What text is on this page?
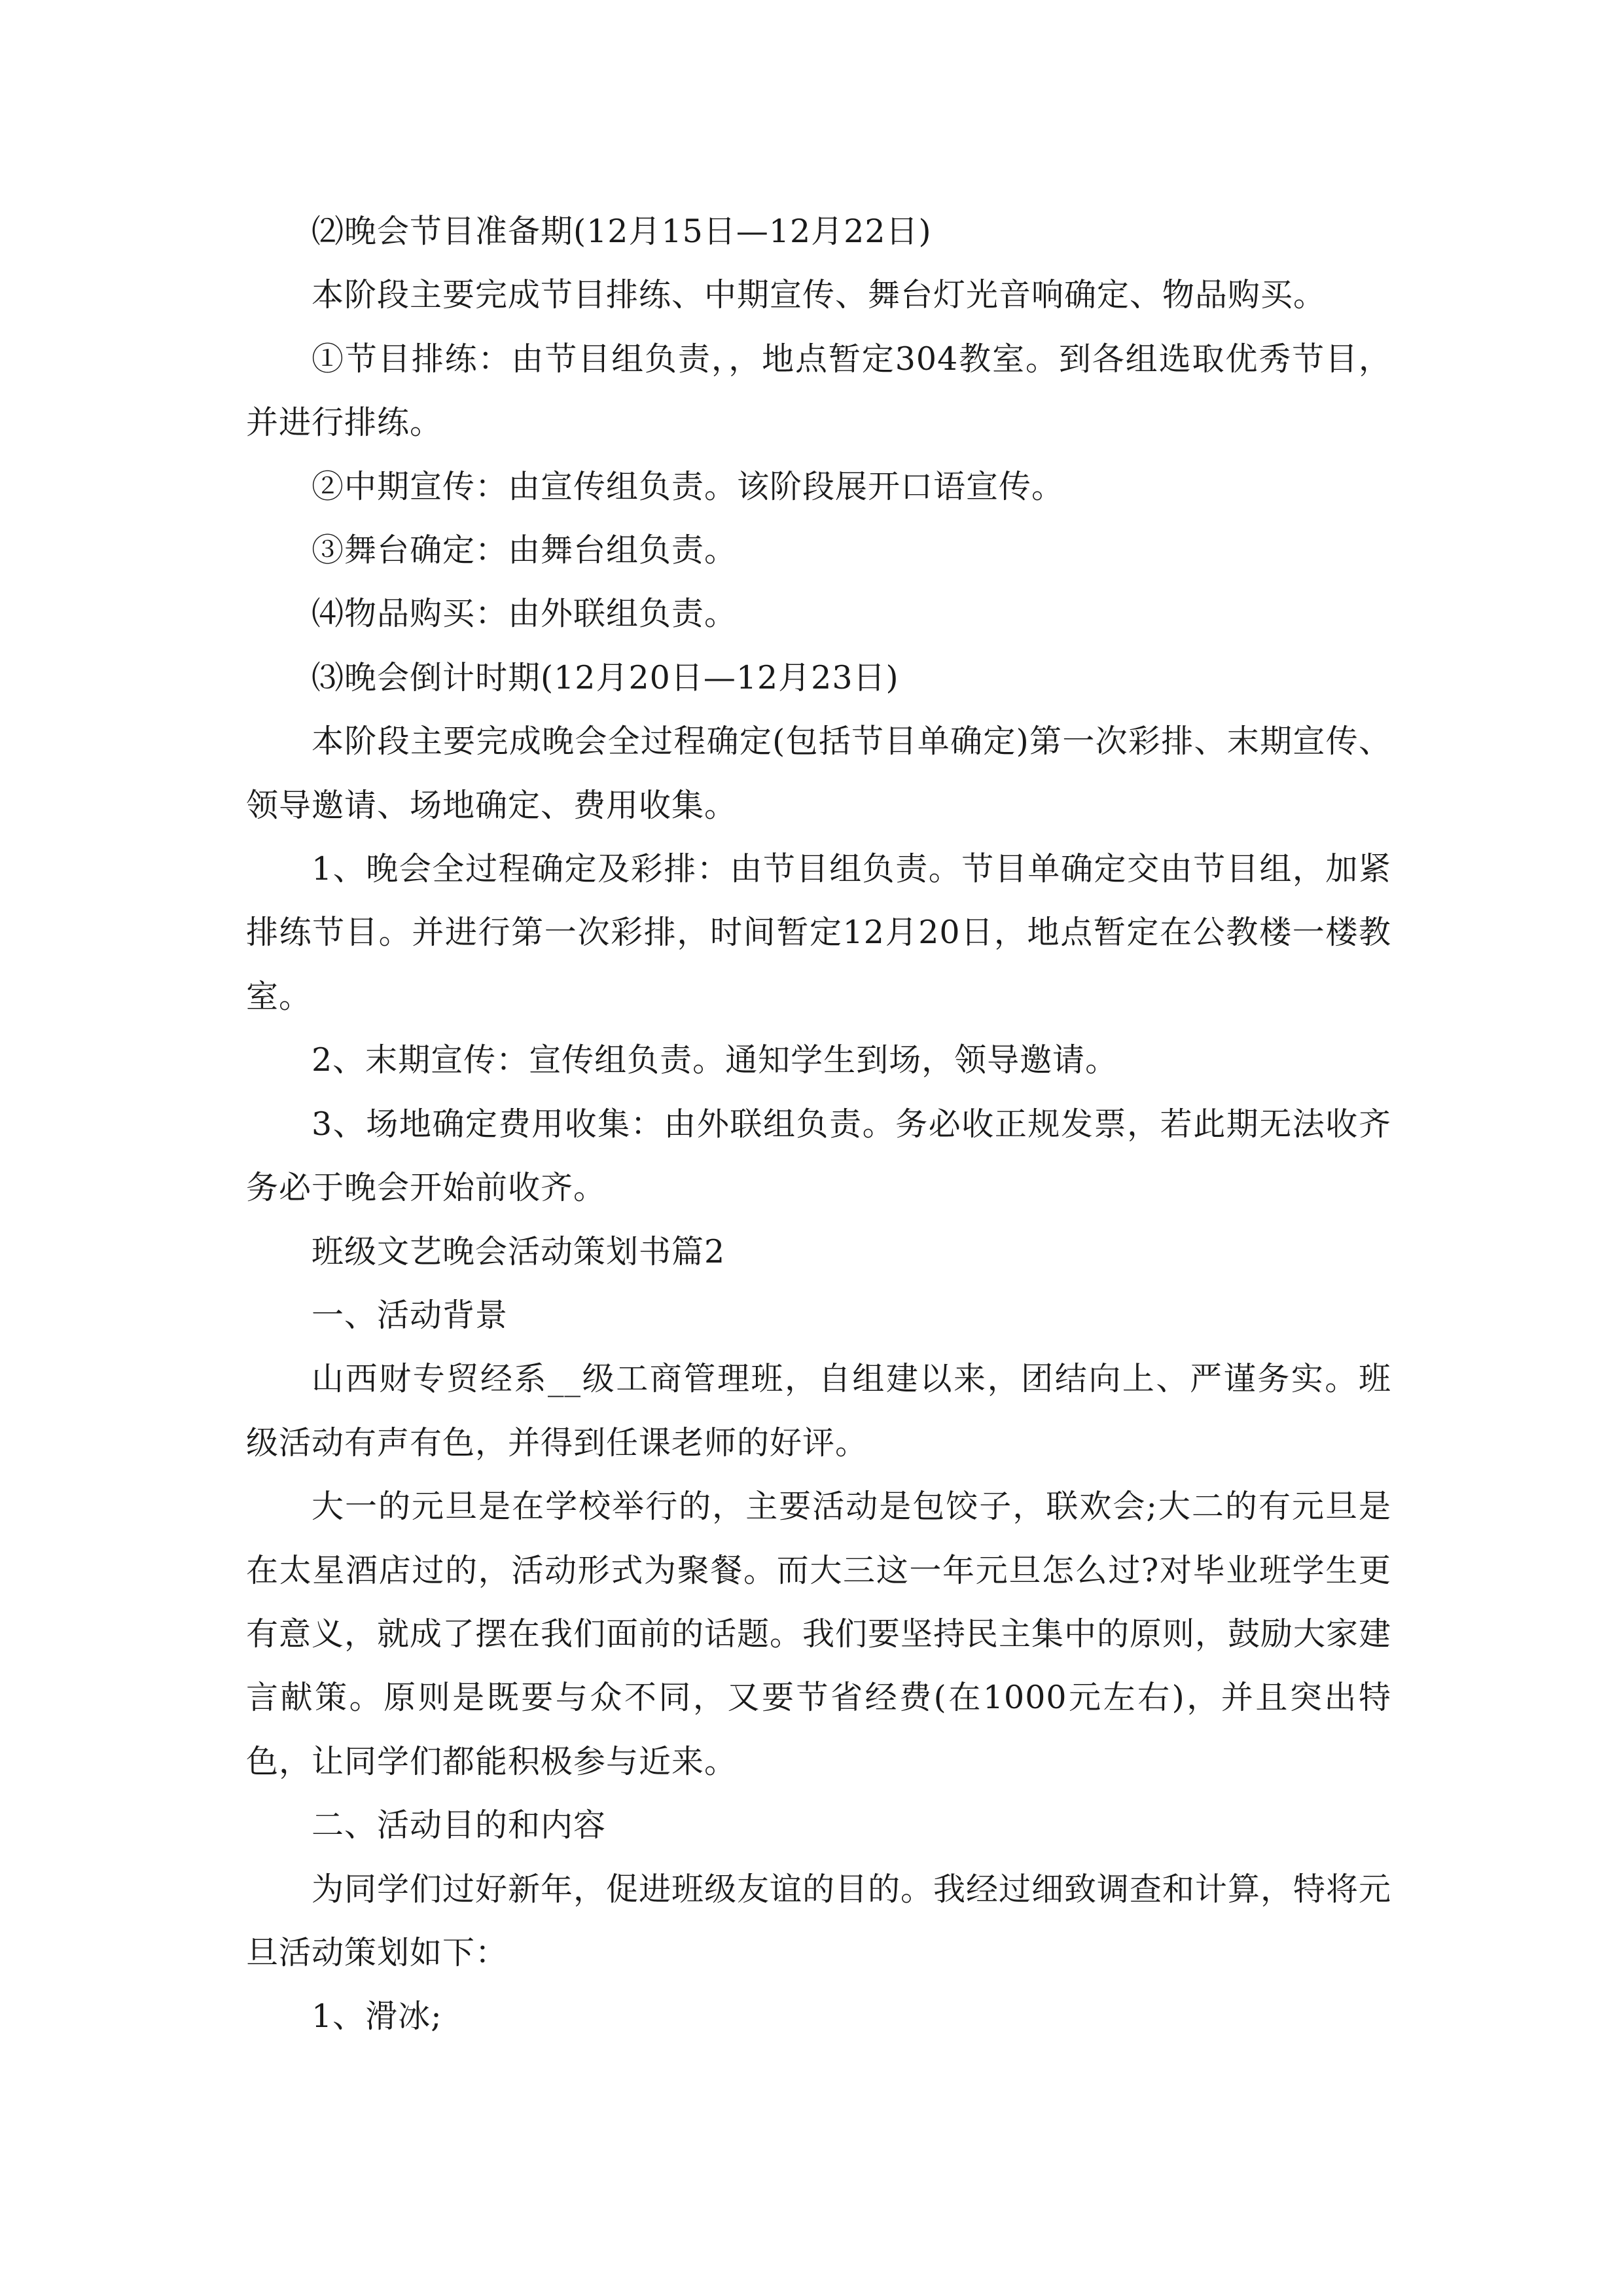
⑵晚会节目准备期(12月15日—12月22日)

本阶段主要完成节目排练、中期宣传、舞台灯光音响确定、物品购买。

①节目排练：由节目组负责，，地点暂定304教室。到各组选取优秀节目，并进行排练。

②中期宣传：由宣传组负责。该阶段展开口语宣传。

③舞台确定：由舞台组负责。

⑷物品购买：由外联组负责。

⑶晚会倒计时期(12月20日—12月23日)

本阶段主要完成晚会全过程确定(包括节目单确定)第一次彩排、末期宣传、领导邀请、场地确定、费用收集。

1、晚会全过程确定及彩排：由节目组负责。节目单确定交由节目组，加紧排练节目。并进行第一次彩排，时间暂定12月20日，地点暂定在公教楼一楼教室。

2、末期宣传：宣传组负责。通知学生到场，领导邀请。

3、场地确定费用收集：由外联组负责。务必收正规发票，若此期无法收齐务必于晚会开始前收齐。

班级文艺晚会活动策划书篇2

一、活动背景

山西财专贸经系__级工商管理班，自组建以来，团结向上、严谨务实。班级活动有声有色，并得到任课老师的好评。

大一的元旦是在学校举行的，主要活动是包饺子，联欢会;大二的有元旦是在太星酒店过的，活动形式为聚餐。而大三这一年元旦怎么过?对毕业班学生更有意义，就成了摆在我们面前的话题。我们要坚持民主集中的原则，鼓励大家建言献策。原则是既要与众不同，又要节省经费(在1000元左右)，并且突出特色，让同学们都能积极参与近来。

二、活动目的和内容

为同学们过好新年，促进班级友谊的目的。我经过细致调查和计算，特将元旦活动策划如下：

1、滑冰;
